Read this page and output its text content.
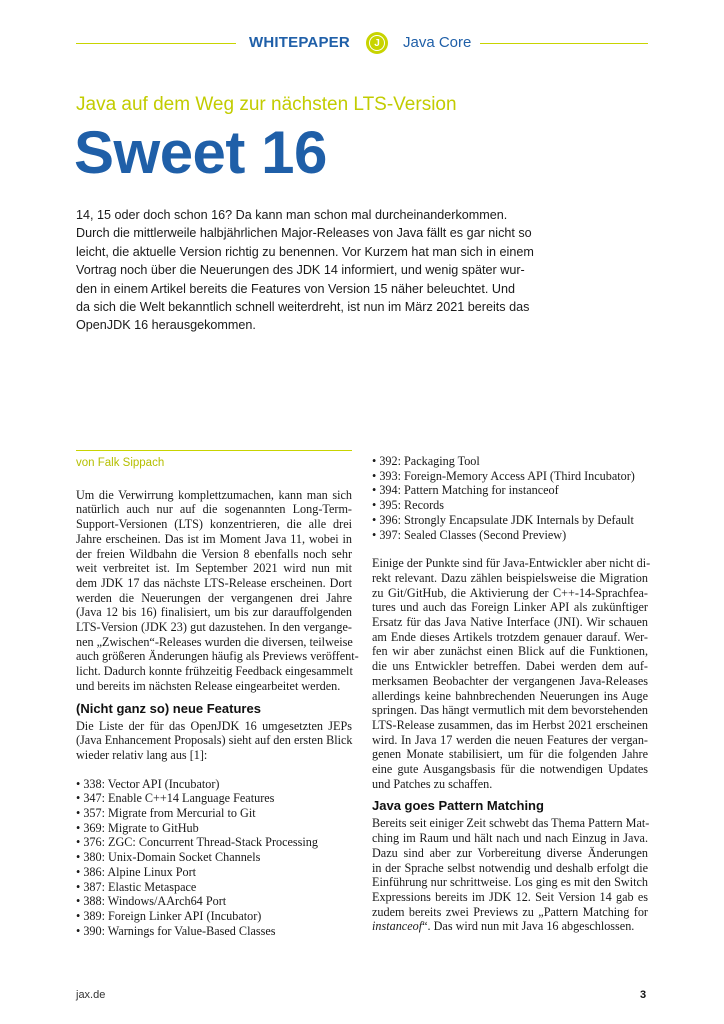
WHITEPAPER	J	Java Core
Java auf dem Weg zur nächsten LTS-Version
Sweet 16
14, 15 oder doch schon 16? Da kann man schon mal durcheinanderkommen.
Durch die mittlerweile halbjährlichen Major-Releases von Java fällt es gar nicht so
leicht, die aktuelle Version richtig zu benennen. Vor Kurzem hat man sich in einem
Vortrag noch über die Neuerungen des JDK 14 informiert, und wenig später wur-
den in einem Artikel bereits die Features von Version 15 näher beleuchtet. Und
da sich die Welt bekanntlich schnell weiterdreht, ist nun im März 2021 bereits das
OpenJDK 16 herausgekommen.
von Falk Sippach
Um die Verwirrung komplettzumachen, kann man sich
natürlich auch nur auf die sogenannten Long-Term-
Support-Versionen (LTS) konzentrieren, die alle drei
Jahre erscheinen. Das ist im Moment Java 11, wobei in
der freien Wildbahn die Version 8 ebenfalls noch sehr
weit verbreitet ist. Im September 2021 wird nun mit
dem JDK 17 das nächste LTS-Release erscheinen. Dort
werden die Neuerungen der vergangenen drei Jahre
(Java 12 bis 16) finalisiert, um bis zur darauffolgenden
LTS-Version (JDK 23) gut dazustehen. In den vergange-
nen „Zwischen“-Releases wurden die diversen, teilweise
auch größeren Änderungen häufig als Previews veröffent-
licht. Dadurch konnte frühzeitig Feedback eingesammelt
und bereits im nächsten Release eingearbeitet werden.
(Nicht ganz so) neue Features
Die Liste der für das OpenJDK 16 umgesetzten JEPs
(Java Enhancement Proposals) sieht auf den ersten Blick
wieder relativ lang aus [1]:
• 338: Vector API (Incubator)
• 347: Enable C++14 Language Features
• 357: Migrate from Mercurial to Git
• 369: Migrate to GitHub
• 376: ZGC: Concurrent Thread-Stack Processing
• 380: Unix-Domain Socket Channels
• 386: Alpine Linux Port
• 387: Elastic Metaspace
• 388: Windows/AArch64 Port
• 389: Foreign Linker API (Incubator)
• 390: Warnings for Value-Based Classes
• 392: Packaging Tool
• 393: Foreign-Memory Access API (Third Incubator)
• 394: Pattern Matching for instanceof
• 395: Records
• 396: Strongly Encapsulate JDK Internals by Default
• 397: Sealed Classes (Second Preview)
Einige der Punkte sind für Java-Entwickler aber nicht di-
rekt relevant. Dazu zählen beispielsweise die Migration
zu Git/GitHub, die Aktivierung der C++-14-Sprachfea-
tures und auch das Foreign Linker API als zukünftiger
Ersatz für das Java Native Interface (JNI). Wir schauen
am Ende dieses Artikels trotzdem genauer darauf. Wer-
fen wir aber zunächst einen Blick auf die Funktionen,
die uns Entwickler betreffen. Dabei werden dem auf-
merksamen Beobachter der vergangenen Java-Releases
allerdings keine bahnbrechenden Neuerungen ins Auge
springen. Das hängt vermutlich mit dem bevorstehenden
LTS-Release zusammen, das im Herbst 2021 erscheinen
wird. In Java 17 werden die neuen Features der vergan-
genen Monate stabilisiert, um für die folgenden Jahre
eine gute Ausgangsbasis für die notwendigen Updates
und Patches zu schaffen.
Java goes Pattern Matching
Bereits seit einiger Zeit schwebt das Thema Pattern Mat-
ching im Raum und hält nach und nach Einzug in Java.
Dazu sind aber zur Vorbereitung diverse Änderungen
in der Sprache selbst notwendig und deshalb erfolgt die
Einführung nur schrittweise. Los ging es mit den Switch
Expressions bereits im JDK 12. Seit Version 14 gab es
zudem bereits zwei Previews zu „Pattern Matching for
instanceof“. Das wird nun mit Java 16 abgeschlossen.
jax.de	3
